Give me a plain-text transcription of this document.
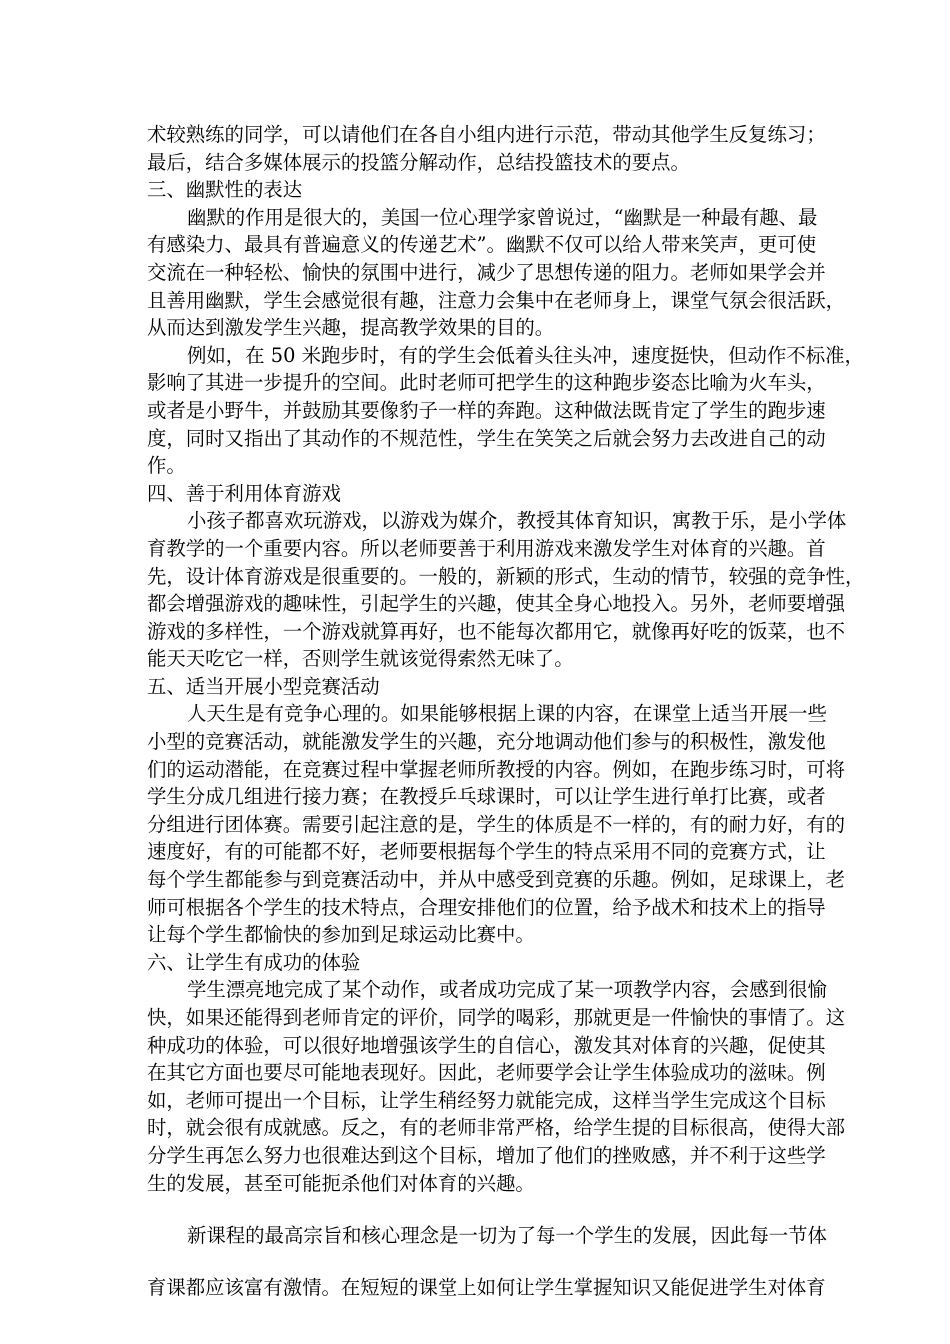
术较熟练的同学，可以请他们在各自小组内进行示范，带动其他学生反复练习；
最后，结合多媒体展示的投篮分解动作，总结投篮技术的要点。
三、幽默性的表达
幽默的作用是很大的，美国一位心理学家曾说过，“幽默是一种最有趣、最
有感染力、最具有普遍意义的传递艺术”。幽默不仅可以给人带来笑声，更可使
交流在一种轻松、愉快的氛围中进行，减少了思想传递的阻力。老师如果学会并
且善用幽默，学生会感觉很有趣，注意力会集中在老师身上，课堂气氛会很活跃，
从而达到激发学生兴趣，提高教学效果的目的。
例如，在 50 米跑步时，有的学生会低着头往头冲，速度挺快，但动作不标准，
影响了其进一步提升的空间。此时老师可把学生的这种跑步姿态比喻为火车头，
或者是小野牛，并鼓励其要像豹子一样的奔跑。这种做法既肯定了学生的跑步速
度，同时又指出了其动作的不规范性，学生在笑笑之后就会努力去改进自己的动
作。
四、善于利用体育游戏
小孩子都喜欢玩游戏，以游戏为媒介，教授其体育知识，寓教于乐，是小学体
育教学的一个重要内容。所以老师要善于利用游戏来激发学生对体育的兴趣。首
先，设计体育游戏是很重要的。一般的，新颖的形式，生动的情节，较强的竞争性，
都会增强游戏的趣味性，引起学生的兴趣，使其全身心地投入。另外，老师要增强
游戏的多样性，一个游戏就算再好，也不能每次都用它，就像再好吃的饭菜，也不
能天天吃它一样，否则学生就该觉得索然无味了。
五、适当开展小型竞赛活动
人天生是有竞争心理的。如果能够根据上课的内容，在课堂上适当开展一些
小型的竞赛活动，就能激发学生的兴趣，充分地调动他们参与的积极性，激发他
们的运动潜能，在竞赛过程中掌握老师所教授的内容。例如，在跑步练习时，可将
学生分成几组进行接力赛；在教授乒乓球课时，可以让学生进行单打比赛，或者
分组进行团体赛。需要引起注意的是，学生的体质是不一样的，有的耐力好，有的
速度好，有的可能都不好，老师要根据每个学生的特点采用不同的竞赛方式，让
每个学生都能参与到竞赛活动中，并从中感受到竞赛的乐趣。例如，足球课上，老
师可根据各个学生的技术特点，合理安排他们的位置，给予战术和技术上的指导
让每个学生都愉快的参加到足球运动比赛中。
六、让学生有成功的体验
学生漂亮地完成了某个动作，或者成功完成了某一项教学内容，会感到很愉
快，如果还能得到老师肯定的评价，同学的喝彩，那就更是一件愉快的事情了。这
种成功的体验，可以很好地增强该学生的自信心，激发其对体育的兴趣，促使其
在其它方面也要尽可能地表现好。因此，老师要学会让学生体验成功的滋味。例
如，老师可提出一个目标，让学生稍经努力就能完成，这样当学生完成这个目标
时，就会很有成就感。反之，有的老师非常严格，给学生提的目标很高，使得大部
分学生再怎么努力也很难达到这个目标，增加了他们的挫败感，并不利于这些学
生的发展，甚至可能扼杀他们对体育的兴趣。
新课程的最高宗旨和核心理念是一切为了每一个学生的发展，因此每一节体
育课都应该富有激情。在短短的课堂上如何让学生掌握知识又能促进学生对体育
